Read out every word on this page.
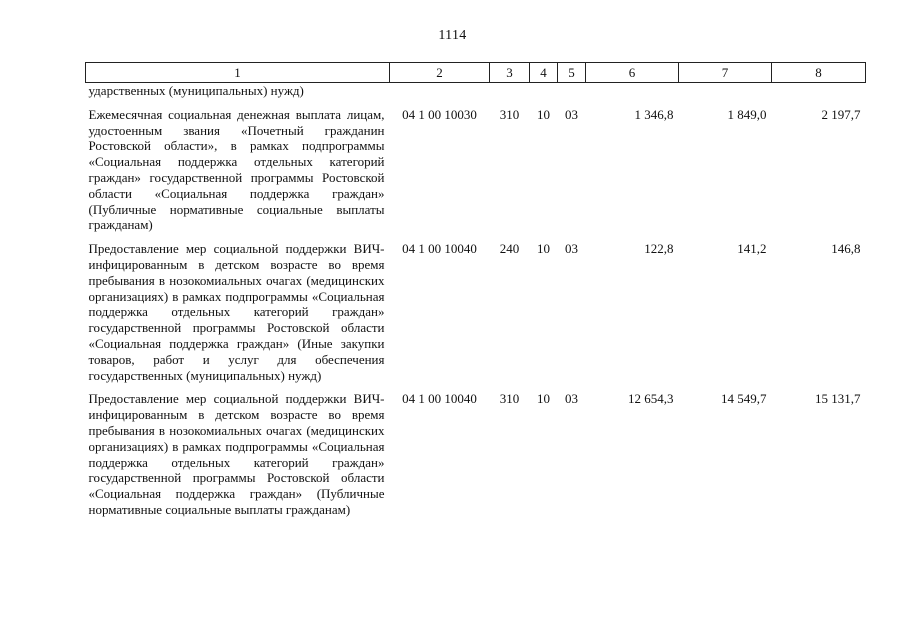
1114
1	2	3	4	5	6	7	8
ударственных (муниципальных) нужд)							

Ежемесячная социальная денежная выплата лицам, удостоенным звания «Почетный гражданин Ростовской области», в рамках подпрограммы «Социальная поддержка отдельных категорий граждан» государственной программы Ростовской области «Социальная поддержка граждан» (Публичные нормативные социальные выплаты гражданам)	04 1 00 10030	310	10	03	1 346,8	1 849,0	2 197,7

Предоставление мер социальной поддержки ВИЧ-инфицированным в детском возрасте во время пребывания в нозокомиальных очагах (медицинских организациях) в рамках подпрограммы «Социальная поддержка отдельных категорий граждан» государственной программы Ростовской области «Социальная поддержка граждан» (Иные закупки товаров, работ и услуг для обеспечения государственных (муниципальных) нужд)	04 1 00 10040	240	10	03	122,8	141,2	146,8

Предоставление мер социальной поддержки ВИЧ-инфицированным в детском возрасте во время пребывания в нозокомиальных очагах (медицинских организациях) в рамках подпрограммы «Социальная поддержка отдельных категорий граждан» государственной программы Ростовской области «Социальная поддержка граждан» (Публичные нормативные социальные выплаты гражданам)	04 1 00 10040	310	10	03	12 654,3	14 549,7	15 131,7
